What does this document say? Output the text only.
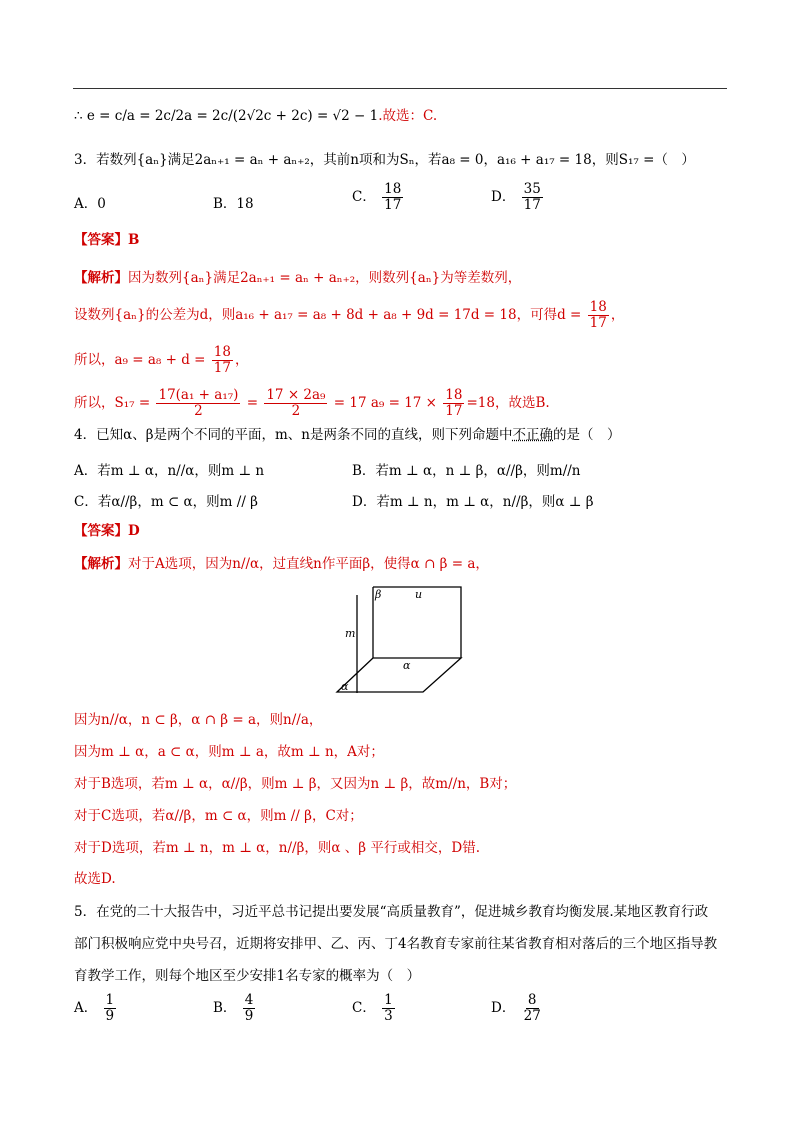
∴ e = c/a = 2c/2a = 2c/(2√2c + 2c) = √2 − 1.故选：C.
3．若数列{aₙ}满足2aₙ₊₁ = aₙ + aₙ₊₂，其前n项和为Sₙ，若a₈ = 0，a₁₆ + a₁₇ = 18，则S₁₇ =（　）
A．0	B．18	C． $\frac{18}{17}$	D． $\frac{35}{17}$
【答案】B
【解析】因为数列{aₙ}满足2aₙ₊₁ = aₙ + aₙ₊₂，则数列{aₙ}为等差数列，
设数列{aₙ}的公差为d，则a₁₆ + a₁₇ = a₈ + 8d + a₈ + 9d = 17d = 18，可得$d = \frac{18}{17}$ ，
所以，$a_9 = a_8 + d = \frac{18}{17}$ ，
所以，$S_{17} = \frac{\text{17(a₁ + a₁₇)}}{2} = \frac{\text{17 × 2a₉}}{2} = 17$ $a_9 = 17 \times \frac{18}{17} =18$，故选B.
4．已知α、β是两个不同的平面，m、n是两条不同的直线，则下列命题中不正确的是（　）
A．若m ⊥ α，n//α，则m ⊥ n	B．若m ⊥ α，n ⊥ β，α//β，则m//n
C．若α//β，m ⊂ α，则m // β	D．若m ⊥ n，m ⊥ α，n//β，则α ⊥ β
【答案】D
【解析】对于A选项，因为n//α，过直线n作平面β，使得α ∩ β = a，
β	u
m
α
α
因为n//α，n ⊂ β，α ∩ β = a，则n//a，
因为m ⊥ α，a ⊂ α，则m ⊥ a，故m ⊥ n，A对；
对于B选项，若m ⊥ α，α//β，则m ⊥ β，又因为n ⊥ β，故m//n，B对；
对于C选项，若α//β，m ⊂ α，则m // β，C对；
对于D选项，若m ⊥ n，m ⊥ α，n//β，则α 、β 平行或相交，D错.
故选D.
5．在党的二十大报告中，习近平总书记提出要发展“高质量教育”，促进城乡教育均衡发展.某地区教育行政
部门积极响应党中央号召，近期将安排甲、乙、丙、丁4名教育专家前往某省教育相对落后的三个地区指导教
育教学工作，则每个地区至少安排1名专家的概率为（　）
A． $\frac{1}{9}$	B． $\frac{4}{9}$	C． $\frac{1}{3}$	D． $\frac{8}{27}$
